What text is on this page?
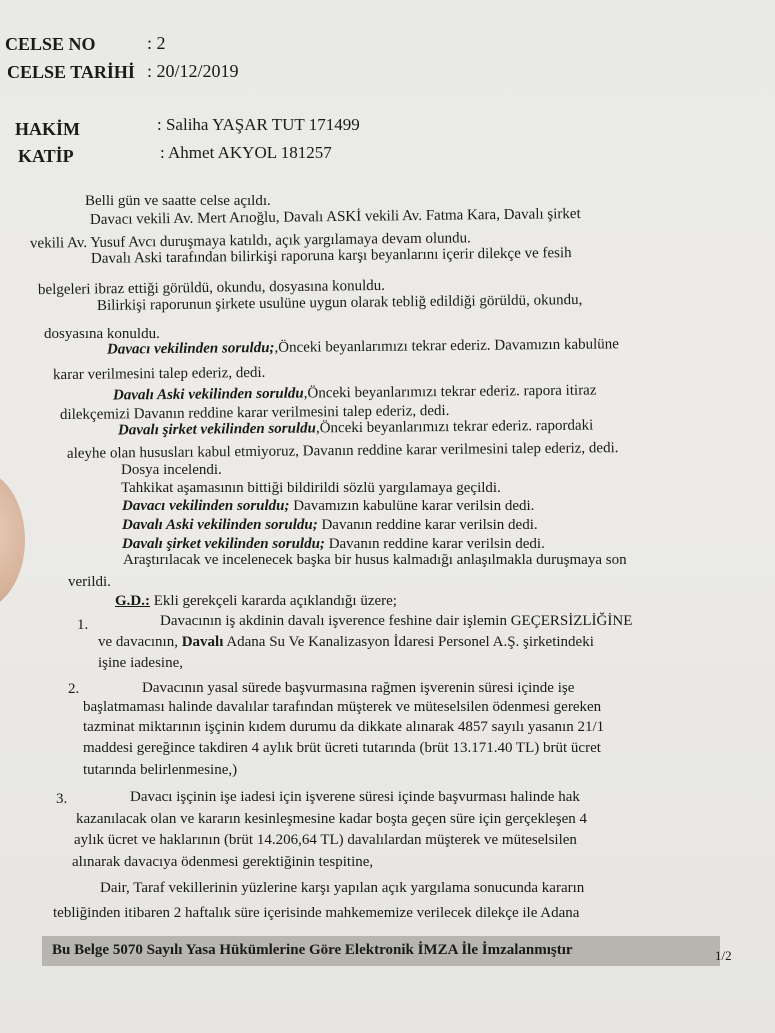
CELSE NO	: 2
CELSE TARİHİ : 20/12/2019
HAKİM	: Saliha YAŞAR TUT 171499
KATİP	: Ahmet AKYOL 181257
Belli gün ve saatte celse açıldı.
Davacı vekili Av. Mert Arıoğlu, Davalı ASKİ vekili Av. Fatma Kara, Davalı şirket
vekili Av. Yusuf Avcı duruşmaya katıldı, açık yargılamaya devam olundu.
Davalı Aski tarafından bilirkişi raporuna karşı beyanlarını içerir dilekçe ve fesih
belgeleri ibraz ettiği görüldü, okundu, dosyasına konuldu.
Bilirkişi raporunun şirkete usulüne uygun olarak tebliğ edildiği görüldü, okundu,
dosyasına konuldu.
Davacı vekilinden soruldu;,Önceki beyanlarımızı tekrar ederiz. Davamızın kabulüne
karar verilmesini talep ederiz, dedi.
Davalı Aski vekilinden soruldu,Önceki beyanlarımızı tekrar ederiz. rapora itiraz
dilekçemizi Davanın reddine karar verilmesini talep ederiz, dedi.
Davalı şirket vekilinden soruldu,Önceki beyanlarımızı tekrar ederiz. rapordaki
aleyhe olan hususları kabul etmiyoruz, Davanın reddine karar verilmesini talep ederiz, dedi.
Dosya incelendi.
Tahkikat aşamasının bittiği bildirildi sözlü yargılamaya geçildi.
Davacı vekilinden soruldu; Davamızın kabulüne karar verilsin dedi.
Davalı Aski vekilinden soruldu; Davanın reddine karar verilsin dedi.
Davalı şirket vekilinden soruldu; Davanın reddine karar verilsin dedi.
Araştırılacak ve incelenecek başka bir husus kalmadığı anlaşılmakla duruşmaya son
verildi.
G.D.: Ekli gerekçeli kararda açıklandığı üzere;
1.	Davacının iş akdinin davalı işverence feshine dair işlemin GEÇERSİZLİĞİNE
ve davacının, Davalı Adana Su Ve Kanalizasyon İdaresi Personel A.Ş. şirketindeki
işine iadesine,
2.	Davacının yasal sürede başvurmasına rağmen işverenin süresi içinde işe
başlatmaması halinde davalılar tarafından müşterek ve müteselsilen ödenmesi gereken
tazminat miktarının işçinin kıdem durumu da dikkate alınarak 4857 sayılı yasanın 21/1
maddesi gereğince takdiren 4 aylık brüt ücreti tutarında (brüt 13.171.40 TL) brüt ücret
tutarında belirlenmesine,)
3.	Davacı işçinin işe iadesi için işverene süresi içinde başvurması halinde hak
kazanılacak olan ve kararın kesinleşmesine kadar boşta geçen süre için gerçekleşen 4
aylık ücret ve haklarının (brüt 14.206,64 TL) davalılardan müşterek ve müteselsilen
alınarak davacıya ödenmesi gerektiğinin tespitine,
Dair, Taraf vekillerinin yüzlerine karşı yapılan açık yargılama sonucunda kararın
tebliğinden itibaren 2 haftalık süre içerisinde mahkememize verilecek dilekçe ile Adana
Bu Belge 5070 Sayılı Yasa Hükümlerine Göre Elektronik İMZA İle İmzalanmıştır	1/2
